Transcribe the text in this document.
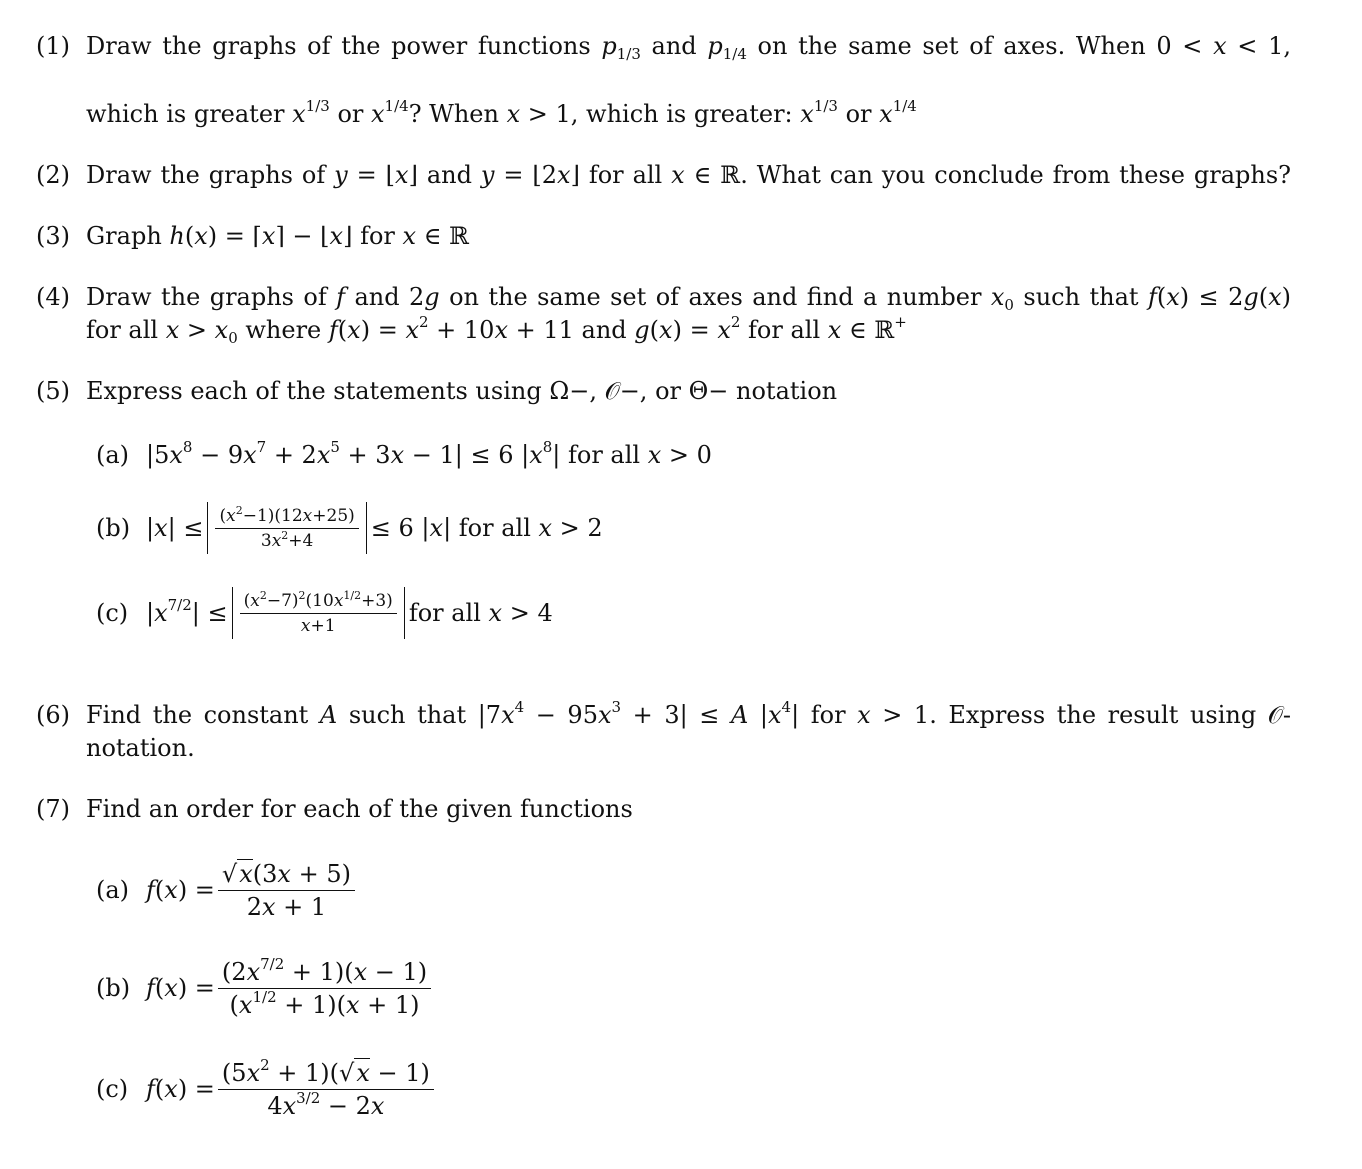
(1) Draw the graphs of the power functions $p_{1/3}$ and $p_{1/4}$ on the same set of axes. When 0 < x < 1,
which is greater $x^{1/3}$ or $x^{1/4}$? When x > 1, which is greater: $x^{1/3}$ or $x^{1/4}$
(2) Draw the graphs of y = ⌊x⌋ and y = ⌊2x⌋ for all x ∈ ℝ. What can you conclude from these graphs?
(3) Graph h(x) = ⌈x⌉ − ⌊x⌋ for x ∈ ℝ
(4) Draw the graphs of f and 2g on the same set of axes and find a number $x_0$ such that f(x) ≤ 2g(x)
for all $x > x_0$ where $f(x) = x^2 + 10x + 11$ and $g(x) = x^2$ for all x ∈ ℝ+
(5) Express each of the statements using Ω−, 𝒪−, or Θ− notation
(a) $|5x^8 - 9x^7 + 2x^5 + 3x - 1| \le 6$ $|x^8|$ for all x > 0
(b) $|x| \le \frac{(x^2-1)(12x+25)}{3x^2+4} \le 6$ |x| for all x > 2
(c) $|x^{7/2}| \le \frac{(x^2-7)^2(10x^{1/2}+3)}{x+1}$ for all x > 4
(6) Find the constant A such that $|7x^4 - 95x^3 + 3| \le A$ $|x^4|$ for x > 1. Express the result using 𝒪-
notation.
(7) Find an order for each of the given functions
(a) $f(x) = \frac{√x(3x + 5)}{2x + 1}$
(b) $f(x) = \frac{(2x^{7/2} + 1)(x - 1)}{(x^{1/2} + 1)(x + 1)}$
(c) $f(x) = \frac{(5x^2 + 1)(√x - 1)}{4x^{3/2} - 2x}$
